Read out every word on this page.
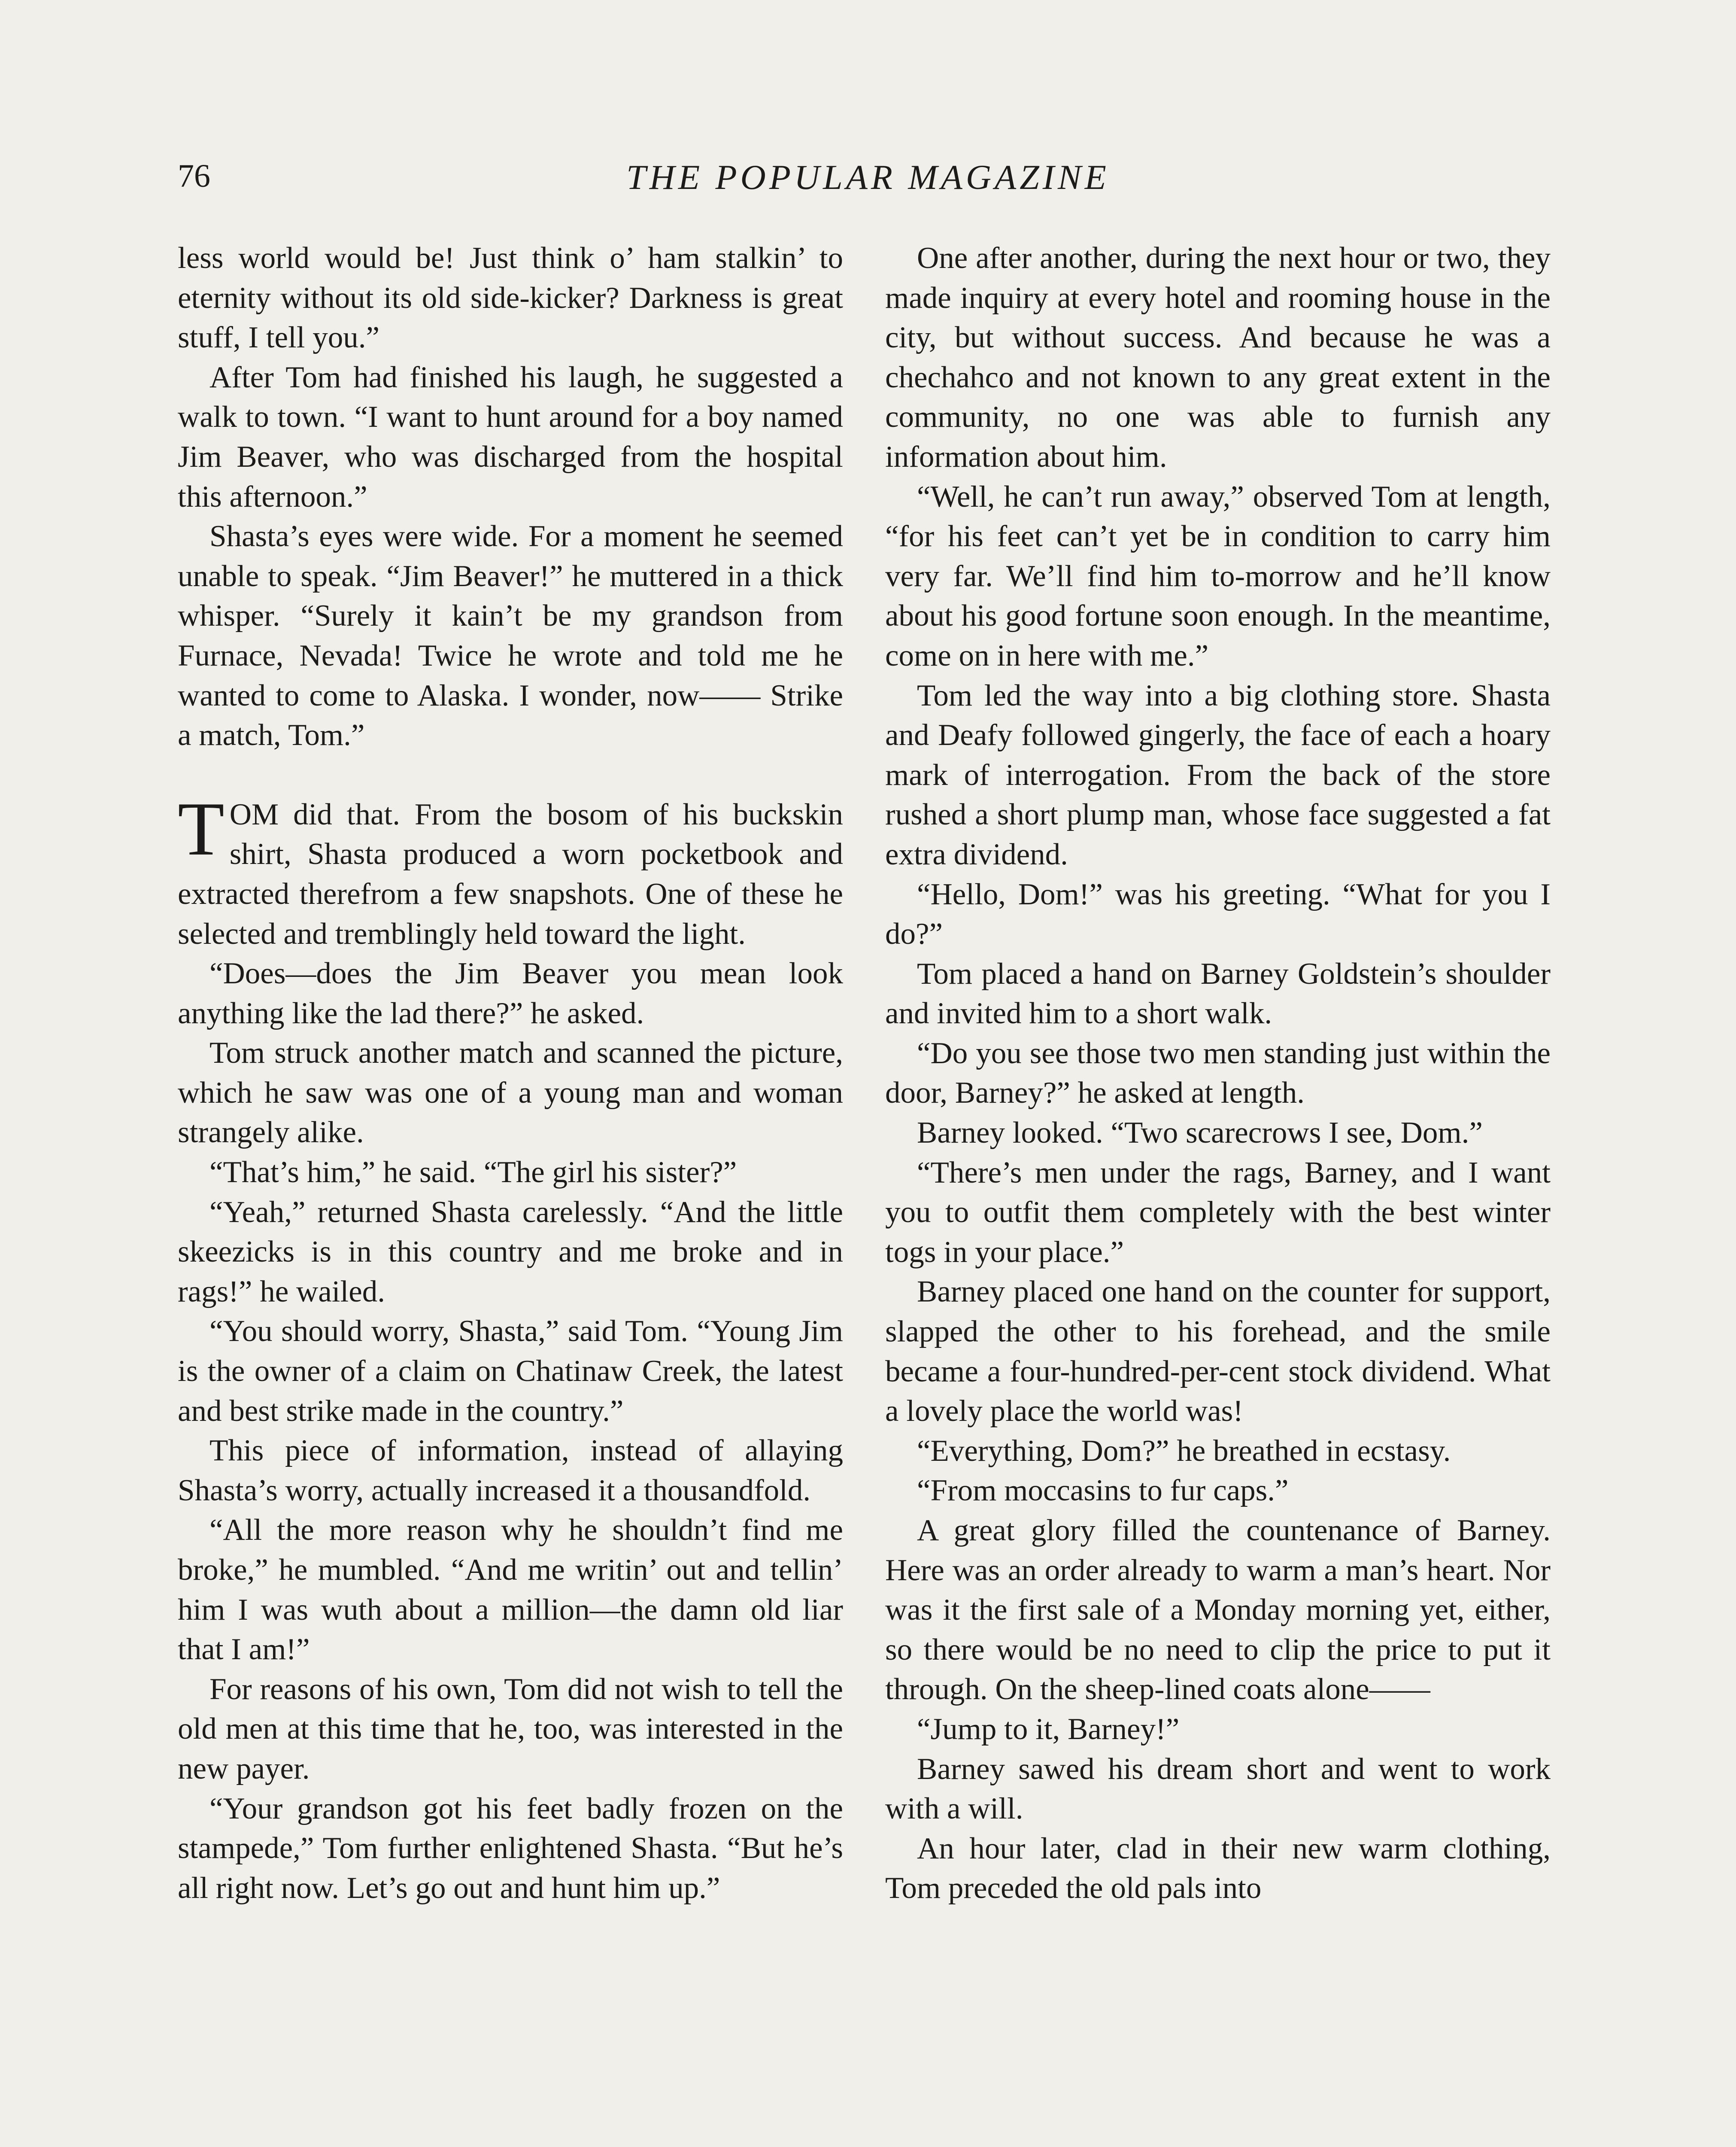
76	THE POPULAR MAGAZINE

less world would be! Just think o’ ham stalkin’ to eternity without its old side-kicker? Darkness is great stuff, I tell you.”

After Tom had finished his laugh, he suggested a walk to town. “I want to hunt around for a boy named Jim Beaver, who was discharged from the hospital this afternoon.”

Shasta’s eyes were wide. For a moment he seemed unable to speak. “Jim Beaver!” he muttered in a thick whisper. “Surely it kain’t be my grandson from Furnace, Nevada! Twice he wrote and told me he wanted to come to Alaska. I wonder, now—— Strike a match, Tom.”

TOM did that. From the bosom of his buckskin shirt, Shasta produced a worn pocketbook and extracted therefrom a few snapshots. One of these he selected and tremblingly held toward the light.

“Does—does the Jim Beaver you mean look anything like the lad there?” he asked.

Tom struck another match and scanned the picture, which he saw was one of a young man and woman strangely alike.

“That’s him,” he said. “The girl his sister?”

“Yeah,” returned Shasta carelessly. “And the little skeezicks is in this country and me broke and in rags!” he wailed.

“You should worry, Shasta,” said Tom. “Young Jim is the owner of a claim on Chatinaw Creek, the latest and best strike made in the country.”

This piece of information, instead of allaying Shasta’s worry, actually increased it a thousandfold.

“All the more reason why he shouldn’t find me broke,” he mumbled. “And me writin’ out and tellin’ him I was wuth about a million—the damn old liar that I am!”

For reasons of his own, Tom did not wish to tell the old men at this time that he, too, was interested in the new payer.

“Your grandson got his feet badly frozen on the stampede,” Tom further enlightened Shasta. “But he’s all right now. Let’s go out and hunt him up.”

One after another, during the next hour or two, they made inquiry at every hotel and rooming house in the city, but without success. And because he was a chechahco and not known to any great extent in the community, no one was able to furnish any information about him.

“Well, he can’t run away,” observed Tom at length, “for his feet can’t yet be in condition to carry him very far. We’ll find him to-morrow and he’ll know about his good fortune soon enough. In the meantime, come on in here with me.”

Tom led the way into a big clothing store. Shasta and Deafy followed gingerly, the face of each a hoary mark of interrogation. From the back of the store rushed a short plump man, whose face suggested a fat extra dividend.

“Hello, Dom!” was his greeting. “What for you I do?”

Tom placed a hand on Barney Goldstein’s shoulder and invited him to a short walk.

“Do you see those two men standing just within the door, Barney?” he asked at length.

Barney looked. “Two scarecrows I see, Dom.”

“There’s men under the rags, Barney, and I want you to outfit them completely with the best winter togs in your place.”

Barney placed one hand on the counter for support, slapped the other to his forehead, and the smile became a four-hundred-per-cent stock dividend. What a lovely place the world was!

“Everything, Dom?” he breathed in ecstasy.

“From moccasins to fur caps.”

A great glory filled the countenance of Barney. Here was an order already to warm a man’s heart. Nor was it the first sale of a Monday morning yet, either, so there would be no need to clip the price to put it through. On the sheep-lined coats alone——

“Jump to it, Barney!”

Barney sawed his dream short and went to work with a will.

An hour later, clad in their new warm clothing, Tom preceded the old pals into
